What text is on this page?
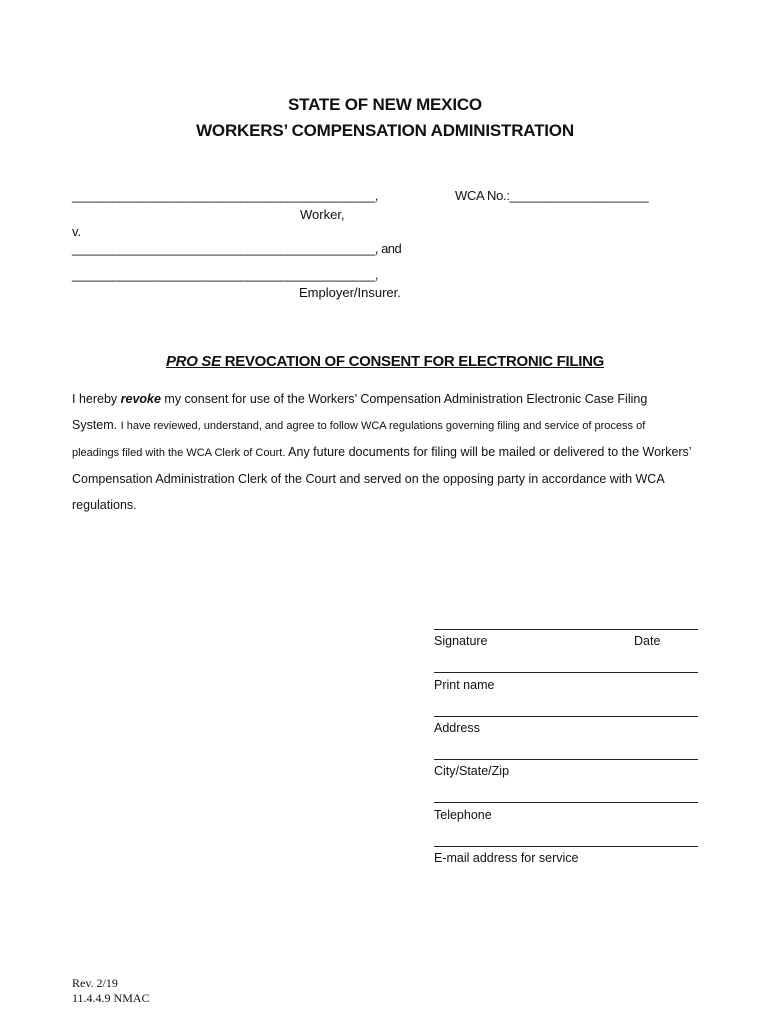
STATE OF NEW MEXICO
WORKERS’ COMPENSATION ADMINISTRATION
_____________________________________________,
Worker,
WCA No.:____________________
v.
_____________________________________________, and
_____________________________________________,
Employer/Insurer.
PRO SE REVOCATION OF CONSENT FOR ELECTRONIC FILING

I hereby revoke my consent for use of the Workers’ Compensation Administration Electronic Case Filing System. I have reviewed, understand, and agree to follow WCA regulations governing filing and service of process of pleadings filed with the WCA Clerk of Court. Any future documents for filing will be mailed or delivered to the Workers’ Compensation Administration Clerk of the Court and served on the opposing party in accordance with WCA regulations.

Signature	Date
Print name
Address
City/State/Zip
Telephone
E-mail address for service
Rev. 2/19
11.4.4.9 NMAC
